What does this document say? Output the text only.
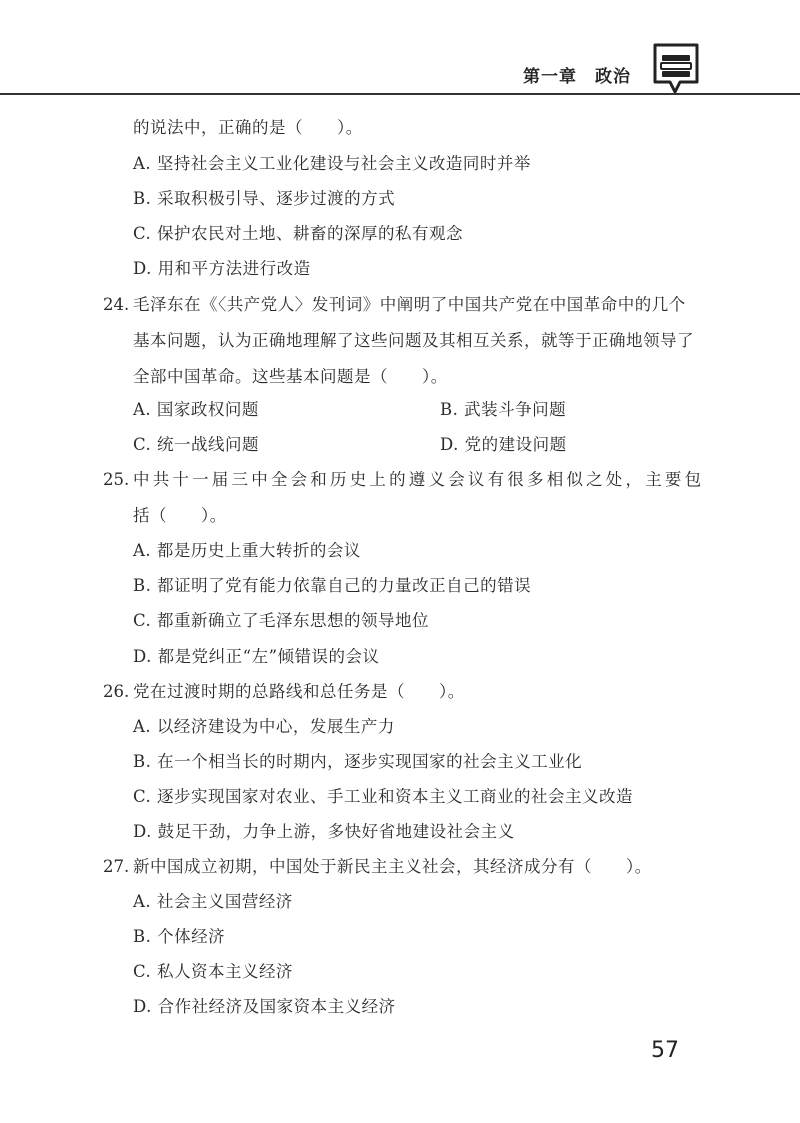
第一章　政治
的说法中，正确的是（　　）。
A. 坚持社会主义工业化建设与社会主义改造同时并举
B. 采取积极引导、逐步过渡的方式
C. 保护农民对土地、耕畜的深厚的私有观念
D. 用和平方法进行改造
24. 毛泽东在《〈共产党人〉发刊词》中阐明了中国共产党在中国革命中的几个
基本问题，认为正确地理解了这些问题及其相互关系，就等于正确地领导了
全部中国革命。这些基本问题是（　　）。
A. 国家政权问题	B. 武装斗争问题
C. 统一战线问题	D. 党的建设问题
25. 中共十一届三中全会和历史上的遵义会议有很多相似之处，主要包
括（　　）。
A. 都是历史上重大转折的会议
B. 都证明了党有能力依靠自己的力量改正自己的错误
C. 都重新确立了毛泽东思想的领导地位
D. 都是党纠正“左”倾错误的会议
26. 党在过渡时期的总路线和总任务是（　　）。
A. 以经济建设为中心，发展生产力
B. 在一个相当长的时期内，逐步实现国家的社会主义工业化
C. 逐步实现国家对农业、手工业和资本主义工商业的社会主义改造
D. 鼓足干劲，力争上游，多快好省地建设社会主义
27. 新中国成立初期，中国处于新民主主义社会，其经济成分有（　　）。
A. 社会主义国营经济
B. 个体经济
C. 私人资本主义经济
D. 合作社经济及国家资本主义经济
57
